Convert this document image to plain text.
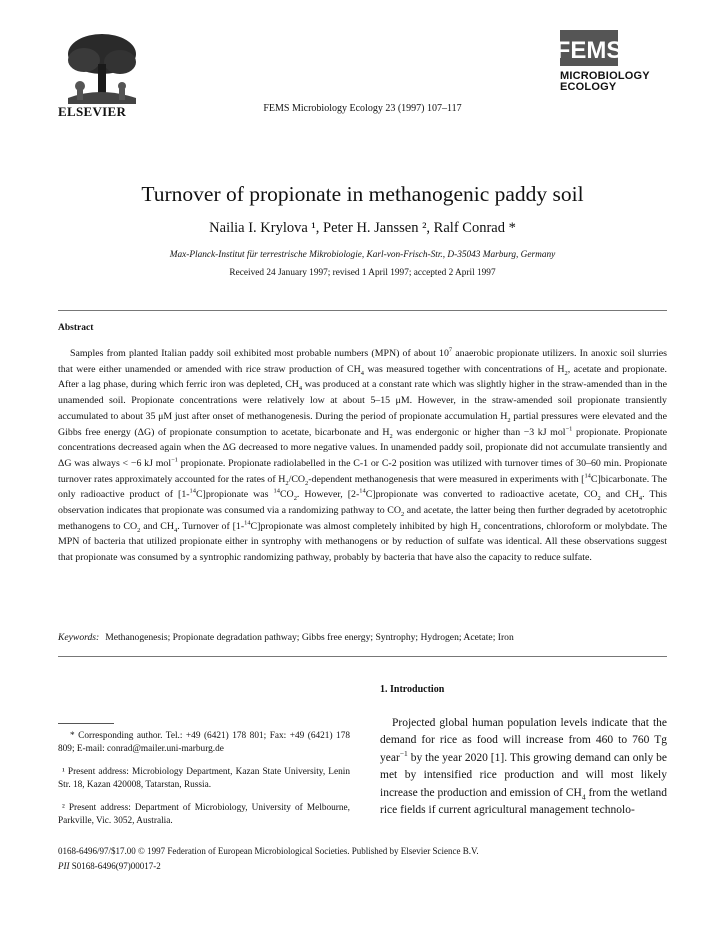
ELSEVIER	FEMS Microbiology Ecology 23 (1997) 107–117
FEMS
MICROBIOLOGY
ECOLOGY
Turnover of propionate in methanogenic paddy soil
Nailia I. Krylova ¹, Peter H. Janssen ², Ralf Conrad *
Max-Planck-Institut für terrestrische Mikrobiologie, Karl-von-Frisch-Str., D-35043 Marburg, Germany
Received 24 January 1997; revised 1 April 1997; accepted 2 April 1997
Abstract

Samples from planted Italian paddy soil exhibited most probable numbers (MPN) of about $10^7$ anaerobic propionate utilizers. In anoxic soil slurries that were either unamended or amended with rice straw production of $CH_4$ was measured together with concentrations of $H_2$, acetate and propionate. After a lag phase, during which ferric iron was depleted, $CH_4$ was produced at a constant rate which was slightly higher in the straw-amended than in the unamended soil. Propionate concentrations were relatively low at about 5–15 μM. However, in the straw-amended soil propionate transiently accumulated to about 35 μM just after onset of methanogenesis. During the period of propionate accumulation $H_2$ partial pressures were elevated and the Gibbs free energy (ΔG) of propionate consumption to acetate, bicarbonate and $H_2$ was endergonic or higher than −3 kJ mol$^{-1}$ propionate. Propionate concentrations decreased again when the ΔG decreased to more negative values. In unamended paddy soil, propionate did not accumulate transiently and ΔG was always < −6 kJ mol$^{-1}$ propionate. Propionate radiolabelled in the C-1 or C-2 position was utilized with turnover times of 30–60 min. Propionate turnover rates approximately accounted for the rates of $H_2/CO_2$-dependent methanogenesis that were measured in experiments with [$^{14}$C]bicarbonate. The only radioactive product of [1-$^{14}$C]propionate was $^{14}CO_2$. However, [2-$^{14}$C]propionate was converted to radioactive acetate, $CO_2$ and $CH_4$. This observation indicates that propionate was consumed via a randomizing pathway to $CO_2$ and acetate, the latter being then further degraded by acetotrophic methanogens to $CO_2$ and $CH_4$. Turnover of [1-$^{14}$C]propionate was almost completely inhibited by high $H_2$ concentrations, chloroform or molybdate. The MPN of bacteria that utilized propionate either in syntrophy with methanogens or by reduction of sulfate was identical. All these observations suggest that propionate was consumed by a syntrophic randomizing pathway, probably by bacteria that have also the capacity to reduce sulfate.

Keywords: Methanogenesis; Propionate degradation pathway; Gibbs free energy; Syntrophy; Hydrogen; Acetate; Iron
1. Introduction

Projected global human population levels indicate that the demand for rice as food will increase from 460 to 760 Tg year$^{-1}$ by the year 2020 [1]. This growing demand can only be met by intensified rice production and will most likely increase the production and emission of $CH_4$ from the wetland rice fields if current agricultural management technolo-

* Corresponding author. Tel.: +49 (6421) 178 801; Fax: +49 (6421) 178 809; E-mail: conrad@mailer.uni-marburg.de
¹ Present address: Microbiology Department, Kazan State University, Lenin Str. 18, Kazan 420008, Tatarstan, Russia.
² Present address: Department of Microbiology, University of Melbourne, Parkville, Vic. 3052, Australia.
0168-6496/97/$17.00 © 1997 Federation of European Microbiological Societies. Published by Elsevier Science B.V.
PII S0168-6496(97)00017-2
